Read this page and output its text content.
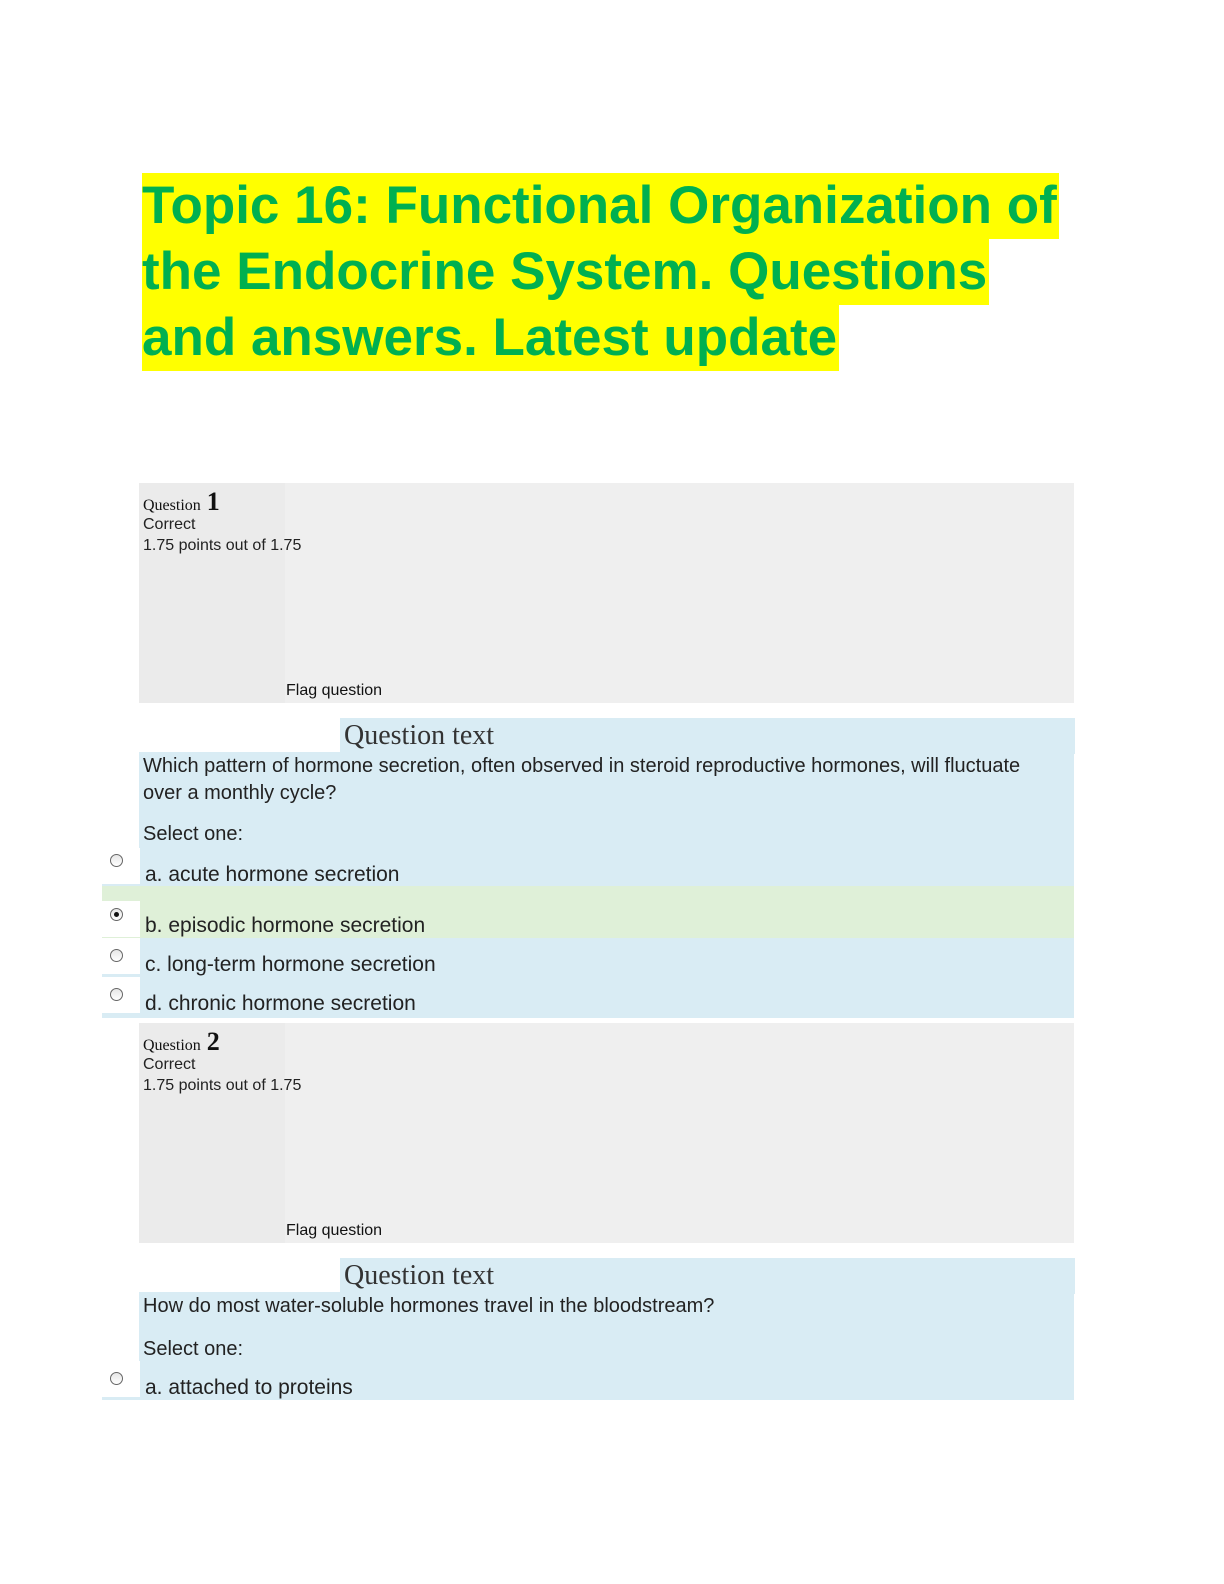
Topic 16: Functional Organization of
the Endocrine System. Questions
and answers. Latest update
Question 1
Correct
1.75 points out of 1.75
Flag question
Question text
Which pattern of hormone secretion, often observed in steroid reproductive hormones, will fluctuate over a monthly cycle?
Select one:
a. acute hormone secretion
b. episodic hormone secretion
c. long-term hormone secretion
d. chronic hormone secretion
Question 2
Correct
1.75 points out of 1.75
Flag question
Question text
How do most water-soluble hormones travel in the bloodstream?
Select one:
a. attached to proteins
